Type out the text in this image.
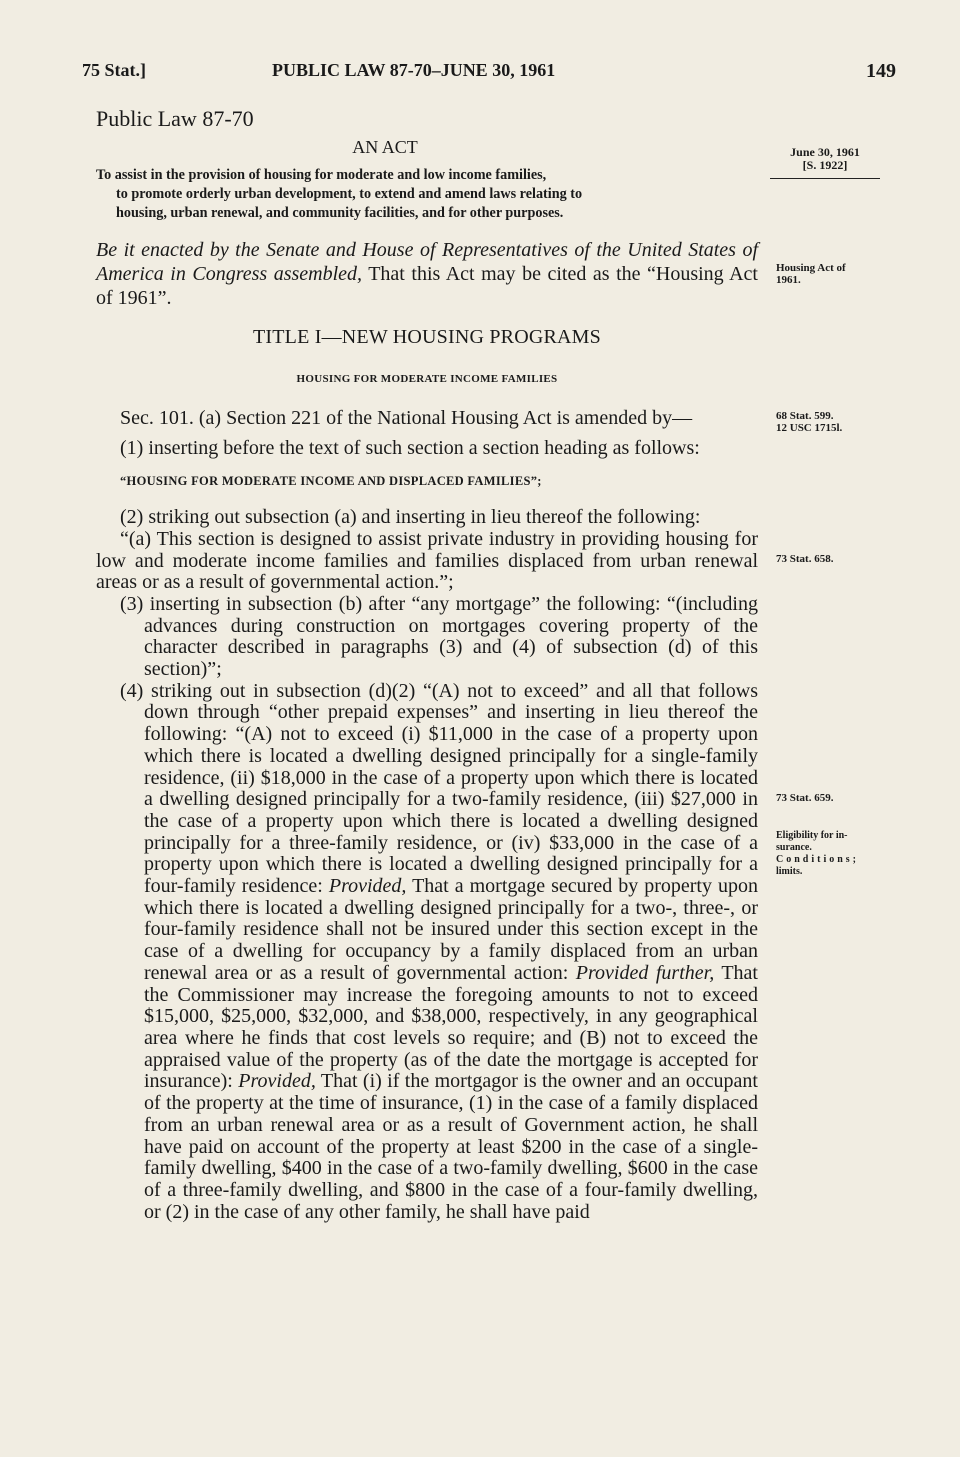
75 Stat.]	PUBLIC LAW 87-70–JUNE 30, 1961	149
Public Law 87-70
AN ACT
To assist in the provision of housing for moderate and low income families,
to promote orderly urban development, to extend and amend laws relating to
housing, urban renewal, and community facilities, and for other purposes.
June 30, 1961
[S. 1922]
Be it enacted by the Senate and House of Representatives of the United States of America in Congress assembled, That this Act may be cited as the “Housing Act of 1961”.
TITLE I—NEW HOUSING PROGRAMS
HOUSING FOR MODERATE INCOME FAMILIES

Sec. 101. (a) Section 221 of the National Housing Act is amended by—

(1) inserting before the text of such section a section heading as follows:

“HOUSING FOR MODERATE INCOME AND DISPLACED FAMILIES”;

(2) striking out subsection (a) and inserting in lieu thereof the following:

“(a) This section is designed to assist private industry in providing housing for low and moderate income families and families displaced from urban renewal areas or as a result of governmental action.”;

(3) inserting in subsection (b) after “any mortgage” the following: “(including advances during construction on mortgages covering property of the character described in paragraphs (3) and (4) of subsection (d) of this section)”;

(4) striking out in subsection (d)(2) “(A) not to exceed” and all that follows down through “other prepaid expenses” and inserting in lieu thereof the following: “(A) not to exceed (i) $11,000 in the case of a property upon which there is located a dwelling designed principally for a single-family residence, (ii) $18,000 in the case of a property upon which there is located a dwelling designed principally for a two-family residence, (iii) $27,000 in the case of a property upon which there is located a dwelling designed principally for a three-family residence, or (iv) $33,000 in the case of a property upon which there is located a dwelling designed principally for a four-family residence: Provided, That a mortgage secured by property upon which there is located a dwelling designed principally for a two-, three-, or four-family residence shall not be insured under this section except in the case of a dwelling for occupancy by a family displaced from an urban renewal area or as a result of governmental action: Provided further, That the Commissioner may increase the foregoing amounts to not to exceed $15,000, $25,000, $32,000, and $38,000, respectively, in any geographical area where he finds that cost levels so require; and (B) not to exceed the appraised value of the property (as of the date the mortgage is accepted for insurance): Provided, That (i) if the mortgagor is the owner and an occupant of the property at the time of insurance, (1) in the case of a family displaced from an urban renewal area or as a result of Government action, he shall have paid on account of the property at least $200 in the case of a single-family dwelling, $400 in the case of a two-family dwelling, $600 in the case of a three-family dwelling, and $800 in the case of a four-family dwelling, or (2) in the case of any other family, he shall have paid

Housing Act of
1961.
68 Stat. 599.
12 USC 1715l.
73 Stat. 658.
73 Stat. 659.
Eligibility for in-
surance.
Conditions;
limits.
